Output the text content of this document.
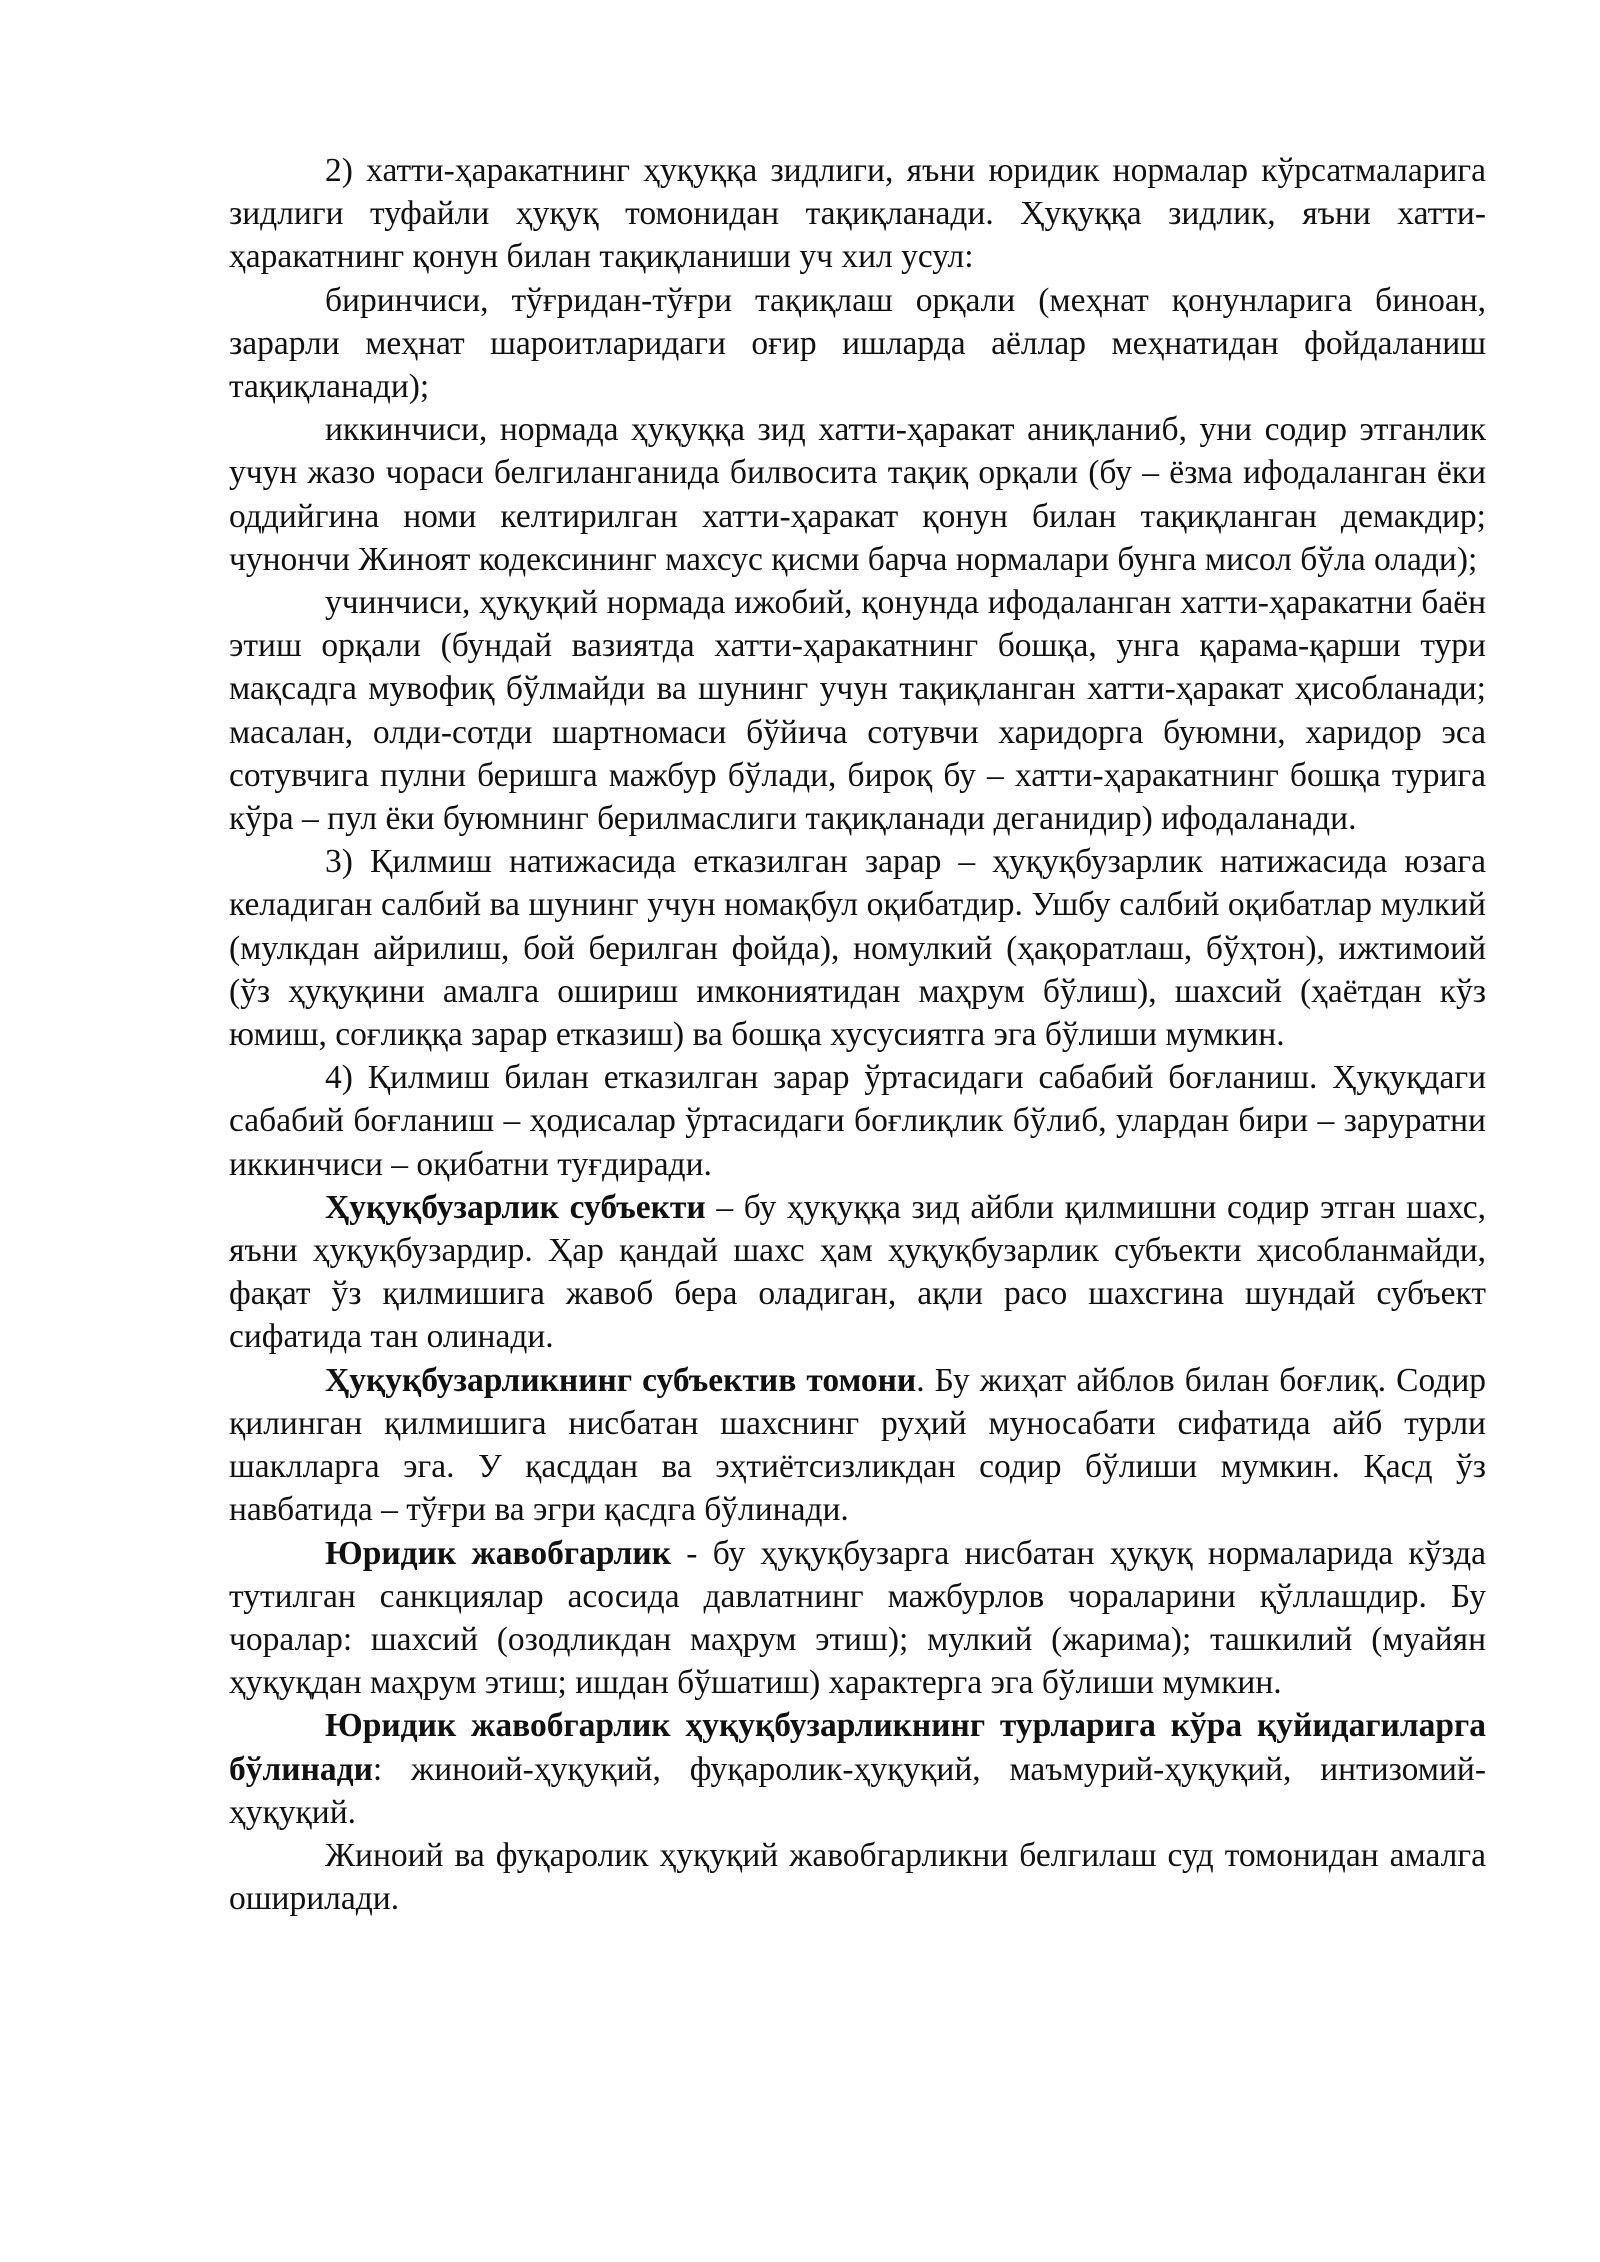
2) хатти-ҳаракатнинг ҳуқуққа зидлиги, яъни юридик нормалар кўрсатмаларига зидлиги туфайли ҳуқуқ томонидан тақиқланади. Ҳуқуққа зидлик, яъни хатти-ҳаракатнинг қонун билан тақиқланиши уч хил усул:

биринчиси, тўғридан-тўғри тақиқлаш орқали (меҳнат қонунларига биноан, зарарли меҳнат шароитларидаги оғир ишларда аёллар меҳнатидан фойдаланиш тақиқланади);

иккинчиси, нормада ҳуқуққа зид хатти-ҳаракат аниқланиб, уни содир этганлик учун жазо чораси белгиланганида билвосита тақиқ орқали (бу – ёзма ифодаланган ёки оддийгина номи келтирилган хатти-ҳаракат қонун билан тақиқланган демакдир; чунончи Жиноят кодексининг махсус қисми барча нормалари бунга мисол бўла олади);

учинчиси, ҳуқуқий нормада ижобий, қонунда ифодаланган хатти-ҳаракатни баён этиш орқали (бундай вазиятда хатти-ҳаракатнинг бошқа, унга қарама-қарши тури мақсадга мувофиқ бўлмайди ва шунинг учун тақиқланган хатти-ҳаракат ҳисобланади; масалан, олди-сотди шартномаси бўйича сотувчи харидорга буюмни, харидор эса сотувчига пулни беришга мажбур бўлади, бироқ бу – хатти-ҳаракатнинг бошқа турига кўра – пул ёки буюмнинг берилмаслиги тақиқланади деганидир) ифодаланади.

3) Қилмиш натижасида етказилган зарар – ҳуқуқбузарлик натижасида юзага келадиган салбий ва шунинг учун номақбул оқибатдир. Ушбу салбий оқибатлар мулкий (мулкдан айрилиш, бой берилган фойда), номулкий (ҳақоратлаш, бўҳтон), ижтимоий (ўз ҳуқуқини амалга ошириш имкониятидан маҳрум бўлиш), шахсий (ҳаётдан кўз юмиш, соғлиққа зарар етказиш) ва бошқа хусусиятга эга бўлиши мумкин.

4) Қилмиш билан етказилган зарар ўртасидаги сабабий боғланиш. Ҳуқуқдаги сабабий боғланиш – ҳодисалар ўртасидаги боғлиқлик бўлиб, улардан бири – заруратни иккинчиси – оқибатни туғдиради.

Ҳуқуқбузарлик субъекти – бу ҳуқуққа зид айбли қилмишни содир этган шахс, яъни ҳуқуқбузардир. Ҳар қандай шахс ҳам ҳуқуқбузарлик субъекти ҳисобланмайди, фақат ўз қилмишига жавоб бера оладиган, ақли расо шахсгина шундай субъект сифатида тан олинади.

Ҳуқуқбузарликнинг субъектив томони. Бу жиҳат айблов билан боғлиқ. Содир қилинган қилмишига нисбатан шахснинг руҳий муносабати сифатида айб турли шаклларга эга. У қасддан ва эҳтиётсизликдан содир бўлиши мумкин. Қасд ўз навбатида – тўғри ва эгри қасдга бўлинади.

Юридик жавобгарлик - бу ҳуқуқбузарга нисбатан ҳуқуқ нормаларида кўзда тутилган санкциялар асосида давлатнинг мажбурлов чораларини қўллашдир. Бу чоралар: шахсий (озодликдан маҳрум этиш); мулкий (жарима); ташкилий (муайян ҳуқуқдан маҳрум этиш; ишдан бўшатиш) характерга эга бўлиши мумкин.

Юридик жавобгарлик ҳуқуқбузарликнинг турларига кўра қуйидагиларга бўлинади: жиноий-ҳуқуқий, фуқаролик-ҳуқуқий, маъмурий-ҳуқуқий, интизомий-ҳуқуқий.

Жиноий ва фуқаролик ҳуқуқий жавобгарликни белгилаш суд томонидан амалга оширилади.
